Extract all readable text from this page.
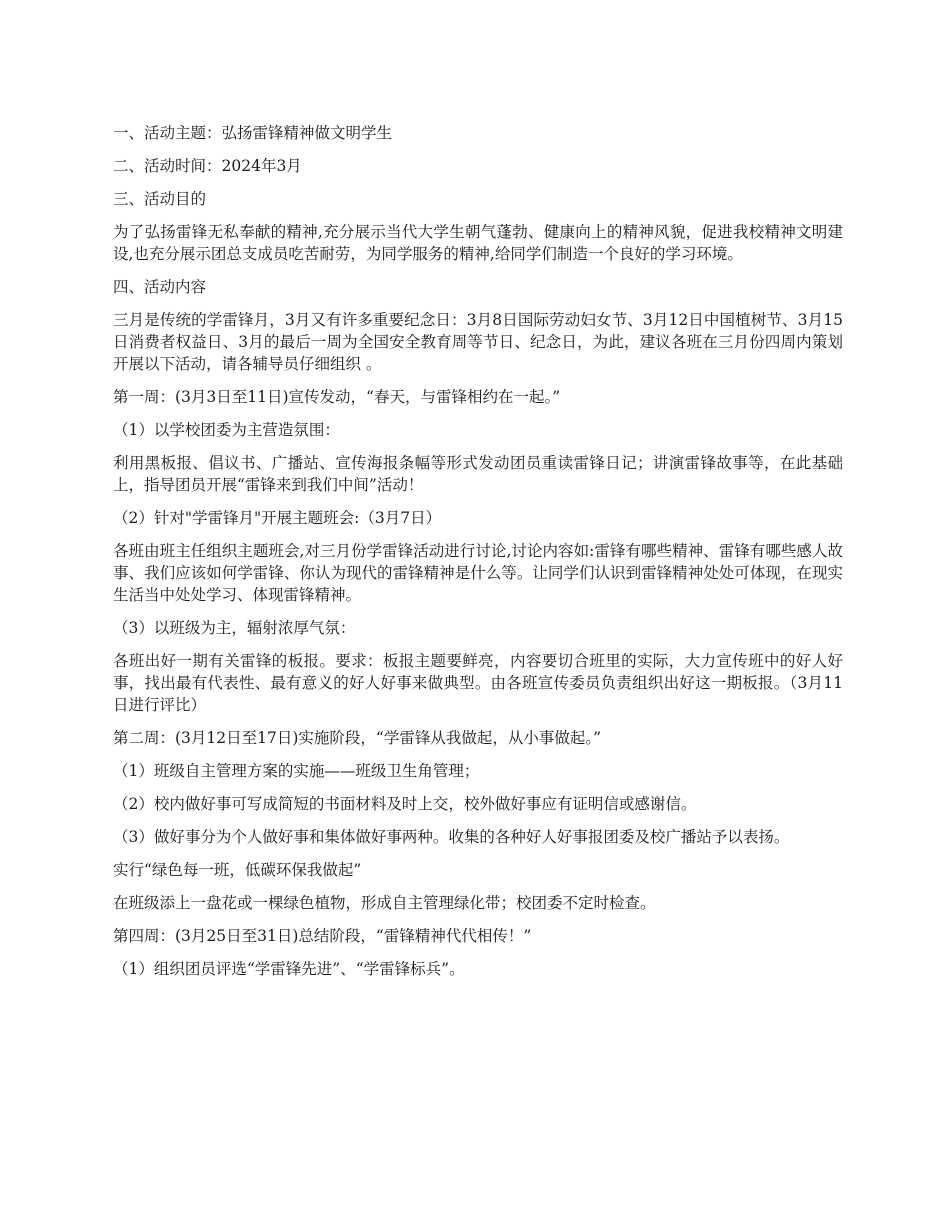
一、活动主题：弘扬雷锋精神做文明学生

二、活动时间：2024年3月

三、活动目的

为了弘扬雷锋无私奉献的精神,充分展示当代大学生朝气蓬勃、健康向上的精神风貌，促进我校精神文明建设,也充分展示团总支成员吃苦耐劳，为同学服务的精神,给同学们制造一个良好的学习环境。

四、活动内容

三月是传统的学雷锋月，3月又有许多重要纪念日：3月8日国际劳动妇女节、3月12日中国植树节、3月15日消费者权益日、3月的最后一周为全国安全教育周等节日、纪念日，为此，建议各班在三月份四周内策划开展以下活动，请各辅导员仔细组织 。

第一周：(3月3日至11日)宣传发动，“春天，与雷锋相约在一起。”

（1）以学校团委为主营造氛围：

利用黑板报、倡议书、广播站、宣传海报条幅等形式发动团员重读雷锋日记；讲演雷锋故事等，在此基础上，指导团员开展“雷锋来到我们中间”活动！

（2）针对"学雷锋月"开展主题班会:（3月7日）

各班由班主任组织主题班会,对三月份学雷锋活动进行讨论,讨论内容如:雷锋有哪些精神、雷锋有哪些感人故事、我们应该如何学雷锋、你认为现代的雷锋精神是什么等。让同学们认识到雷锋精神处处可体现，在现实生活当中处处学习、体现雷锋精神。

（3）以班级为主，辐射浓厚气氛：

各班出好一期有关雷锋的板报。要求：板报主题要鲜亮，内容要切合班里的实际，大力宣传班中的好人好事，找出最有代表性、最有意义的好人好事来做典型。由各班宣传委员负责组织出好这一期板报。（3月11日进行评比）

第二周：(3月12日至17日)实施阶段，“学雷锋从我做起，从小事做起。”

（1）班级自主管理方案的实施——班级卫生角管理；

（2）校内做好事可写成简短的书面材料及时上交，校外做好事应有证明信或感谢信。

（3）做好事分为个人做好事和集体做好事两种。收集的各种好人好事报团委及校广播站予以表扬。

实行“绿色每一班，低碳环保我做起”

在班级添上一盘花或一棵绿色植物，形成自主管理绿化带；校团委不定时检查。

第四周：(3月25日至31日)总结阶段，“雷锋精神代代相传！”

（1）组织团员评选“学雷锋先进”、“学雷锋标兵”。
